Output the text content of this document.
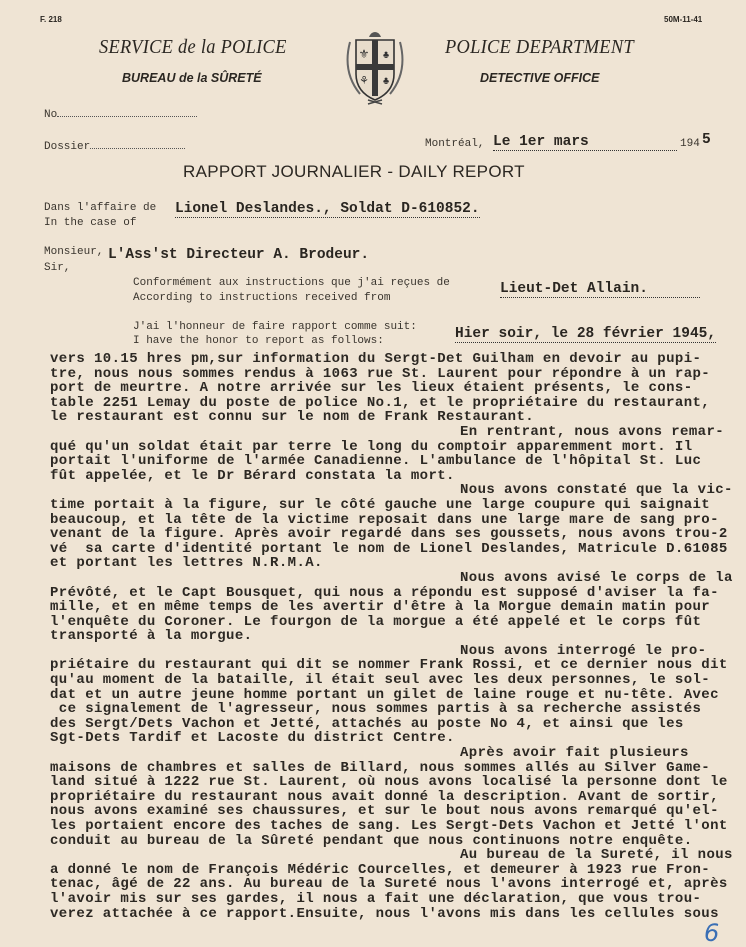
F. 218	50M-11-41
SERVICE de la POLICE
BUREAU de la SÛRETÉ
POLICE DEPARTMENT
DETECTIVE OFFICE
⚜ ♣
⚘ ♣
No
Dossier	Montréal, Le 1er mars	194 5
RAPPORT JOURNALIER - DAILY REPORT
Dans l'affaire de
In the case of
Lionel Deslandes., Soldat D-610852.
Monsieur,
Sir,
L'Ass'st Directeur A. Brodeur.
Conformément aux instructions que j'ai reçues de
According to instructions received from
Lieut-Det Allain.
J'ai l'honneur de faire rapport comme suit:
I have the honor to report as follows:	Hier soir, le 28 février 1945,
vers 10.15 hres pm,sur information du Sergt-Det Guilham en devoir au pupi-
tre, nous nous sommes rendus à 1063 rue St. Laurent pour répondre à un rap-
port de meurtre. A notre arrivée sur les lieux étaient présents, le cons-
table 2251 Lemay du poste de police No.1, et le propriétaire du restaurant,
le restaurant est connu sur le nom de Frank Restaurant.
En rentrant, nous avons remar-
qué qu'un soldat était par terre le long du comptoir apparemment mort. Il
portait l'uniforme de l'armée Canadienne. L'ambulance de l'hôpital St. Luc
fût appelée, et le Dr Bérard constata la mort.
Nous avons constaté que la vic-
time portait à la figure, sur le côté gauche une large coupure qui saignait
beaucoup, et la tête de la victime reposait dans une large mare de sang pro-
venant de la figure. Après avoir regardé dans ses goussets, nous avons trou-2
vé  sa carte d'identité portant le nom de Lionel Deslandes, Matricule D.61085
et portant les lettres N.R.M.A.
Nous avons avisé le corps de la
Prévôté, et le Capt Bousquet, qui nous a répondu est supposé d'aviser la fa-
mille, et en même temps de les avertir d'être à la Morgue demain matin pour
l'enquête du Coroner. Le fourgon de la morgue a été appelé et le corps fût
transporté à la morgue.
Nous avons interrogé le pro-
priétaire du restaurant qui dit se nommer Frank Rossi, et ce dernier nous dit
qu'au moment de la bataille, il était seul avec les deux personnes, le sol-
dat et un autre jeune homme portant un gilet de laine rouge et nu-tête. Avec
ce signalement de l'agresseur, nous sommes partis à sa recherche assistés
des Sergt/Dets Vachon et Jetté, attachés au poste No 4, et ainsi que les
Sgt-Dets Tardif et Lacoste du district Centre.
Après avoir fait plusieurs
maisons de chambres et salles de Billard, nous sommes allés au Silver Game-
land situé à 1222 rue St. Laurent, où nous avons localisé la personne dont le
propriétaire du restaurant nous avait donné la description. Avant de sortir,
nous avons examiné ses chaussures, et sur le bout nous avons remarqué qu'el-
les portaient encore des taches de sang. Les Sergt-Dets Vachon et Jetté l'ont
conduit au bureau de la Sûreté pendant que nous continuons notre enquête.
Au bureau de la Sureté, il nous
a donné le nom de François Médéric Courcelles, et demeurer à 1923 rue Fron-
tenac, âgé de 22 ans. Au bureau de la Sureté nous l'avons interrogé et, après
l'avoir mis sur ses gardes, il nous a fait une déclaration, que vous trou-
verez attachée à ce rapport.Ensuite, nous l'avons mis dans les cellules sous
6
